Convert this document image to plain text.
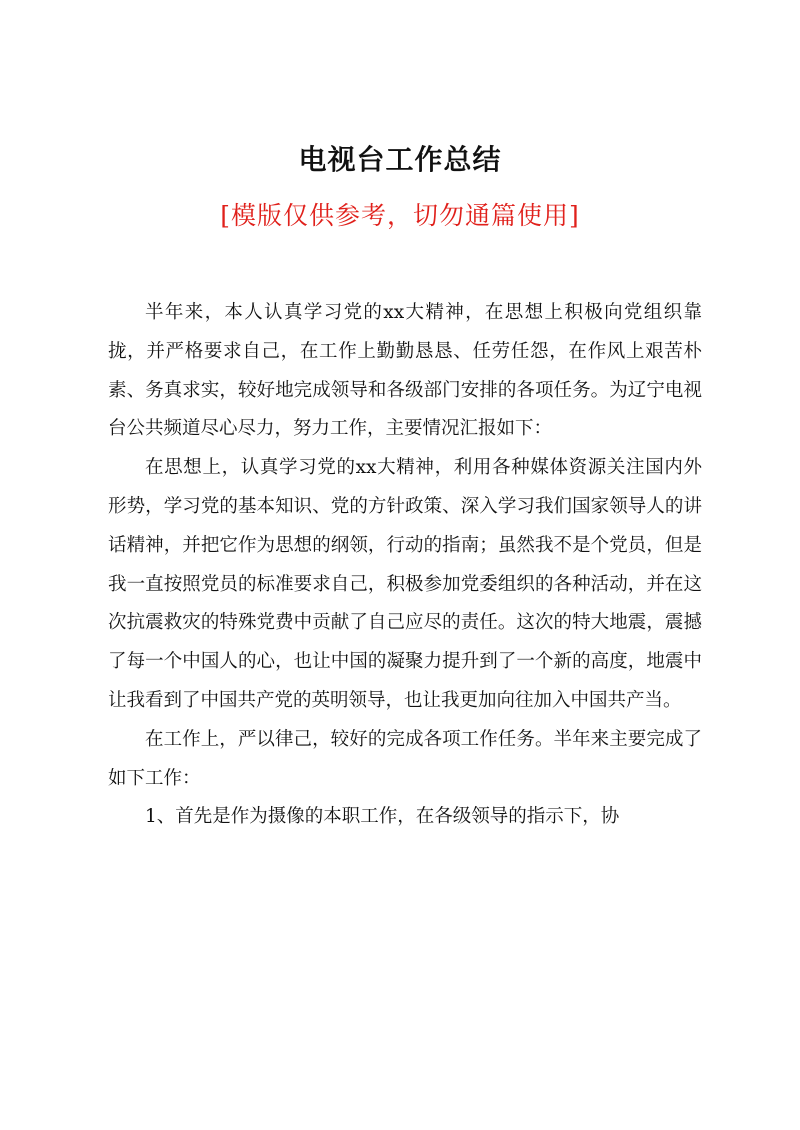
电视台工作总结
[模版仅供参考，切勿通篇使用]

半年来，本人认真学习党的xx大精神，在思想上积极向党组织靠拢，并严格要求自己，在工作上勤勤恳恳、任劳任怨，在作风上艰苦朴素、务真求实，较好地完成领导和各级部门安排的各项任务。为辽宁电视台公共频道尽心尽力，努力工作，主要情况汇报如下：

在思想上，认真学习党的xx大精神，利用各种媒体资源关注国内外形势，学习党的基本知识、党的方针政策、深入学习我们国家领导人的讲话精神，并把它作为思想的纲领，行动的指南；虽然我不是个党员，但是我一直按照党员的标准要求自己，积极参加党委组织的各种活动，并在这次抗震救灾的特殊党费中贡献了自己应尽的责任。这次的特大地震，震撼了每一个中国人的心，也让中国的凝聚力提升到了一个新的高度，地震中让我看到了中国共产党的英明领导，也让我更加向往加入中国共产当。

在工作上，严以律己，较好的完成各项工作任务。半年来主要完成了如下工作：

1、首先是作为摄像的本职工作，在各级领导的指示下，协
